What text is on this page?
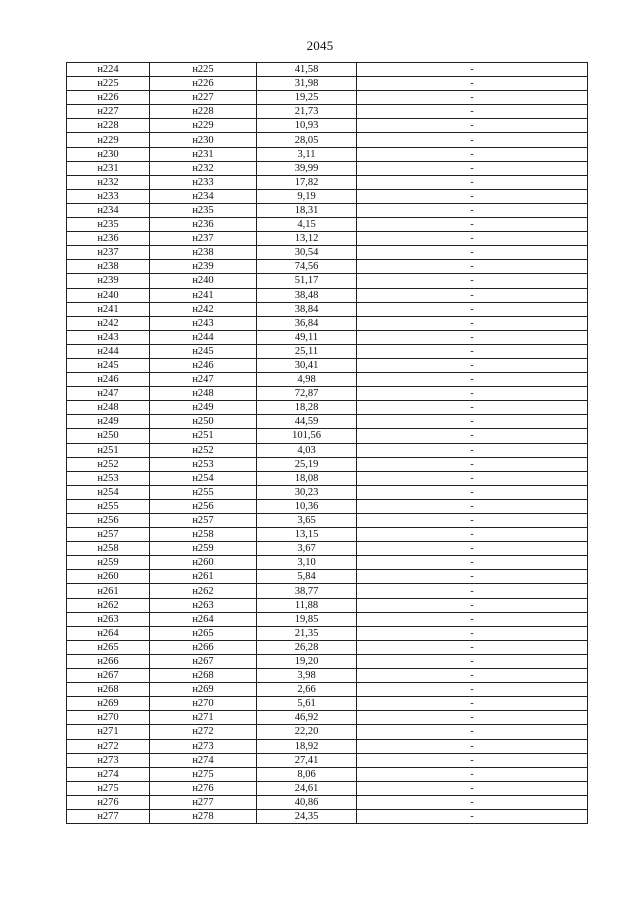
2045
н224	н225	41,58	-
н225	н226	31,98	-
н226	н227	19,25	-
н227	н228	21,73	-
н228	н229	10,93	-
н229	н230	28,05	-
н230	н231	3,11	-
н231	н232	39,99	-
н232	н233	17,82	-
н233	н234	9,19	-
н234	н235	18,31	-
н235	н236	4,15	-
н236	н237	13,12	-
н237	н238	30,54	-
н238	н239	74,56	-
н239	н240	51,17	-
н240	н241	38,48	-
н241	н242	38,84	-
н242	н243	36,84	-
н243	н244	49,11	-
н244	н245	25,11	-
н245	н246	30,41	-
н246	н247	4,98	-
н247	н248	72,87	-
н248	н249	18,28	-
н249	н250	44,59	-
н250	н251	101,56	-
н251	н252	4,03	-
н252	н253	25,19	-
н253	н254	18,08	-
н254	н255	30,23	-
н255	н256	10,36	-
н256	н257	3,65	-
н257	н258	13,15	-
н258	н259	3,67	-
н259	н260	3,10	-
н260	н261	5,84	-
н261	н262	38,77	-
н262	н263	11,88	-
н263	н264	19,85	-
н264	н265	21,35	-
н265	н266	26,28	-
н266	н267	19,20	-
н267	н268	3,98	-
н268	н269	2,66	-
н269	н270	5,61	-
н270	н271	46,92	-
н271	н272	22,20	-
н272	н273	18,92	-
н273	н274	27,41	-
н274	н275	8,06	-
н275	н276	24,61	-
н276	н277	40,86	-
н277	н278	24,35	-
